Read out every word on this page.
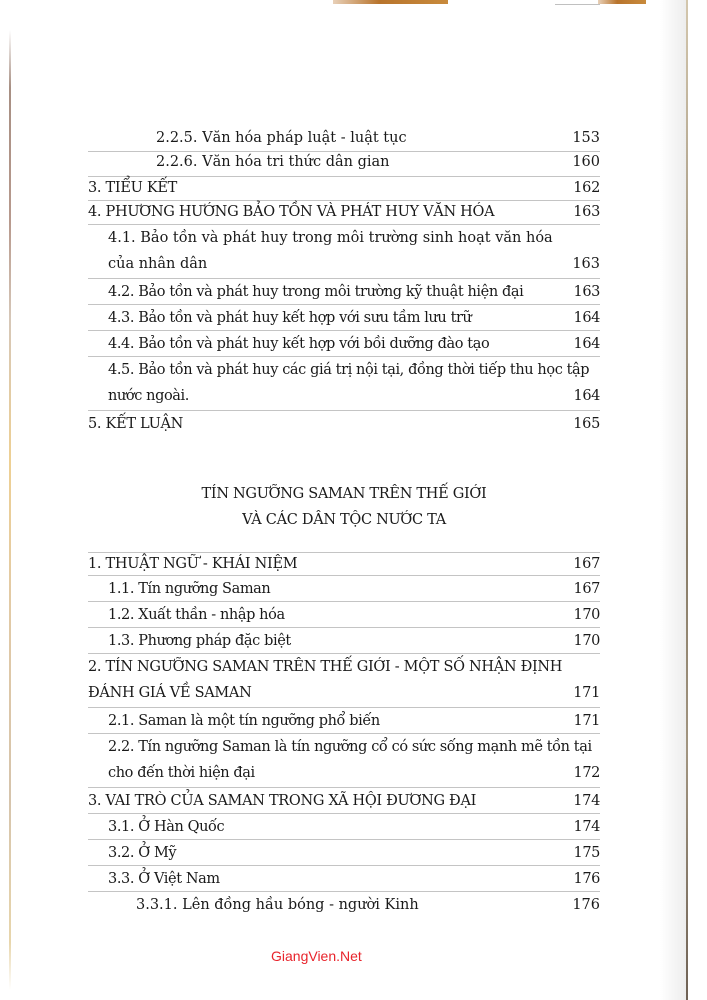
2.2.5. Văn hóa pháp luật - luật tục	153
2.2.6. Văn hóa tri thức dân gian	160
3. TIỂU KẾT	162
4. PHƯƠNG HƯỚNG BẢO TỒN VÀ PHÁT HUY VĂN HÓA	163
4.1. Bảo tồn và phát huy trong môi trường sinh hoạt văn hóa
của nhân dân	163
4.2. Bảo tồn và phát huy trong môi trường kỹ thuật hiện đại	163
4.3. Bảo tồn và phát huy kết hợp với sưu tầm lưu trữ	164
4.4. Bảo tồn và phát huy kết hợp với bồi dưỡng đào tạo	164
4.5. Bảo tồn và phát huy các giá trị nội tại, đồng thời tiếp thu học tập
nước ngoài.	164
5. KẾT LUẬN	165
TÍN NGƯỠNG SAMAN TRÊN THẾ GIỚI
VÀ CÁC DÂN TỘC NƯỚC TA
1. THUẬT NGỮ - KHÁI NIỆM	167
1.1. Tín ngưỡng Saman	167
1.2. Xuất thần - nhập hóa	170
1.3. Phương pháp đặc biệt	170
2. TÍN NGƯỠNG SAMAN TRÊN THẾ GIỚI - MỘT SỐ NHẬN ĐỊNH
ĐÁNH GIÁ VỀ SAMAN	171
2.1. Saman là một tín ngưỡng phổ biến	171
2.2. Tín ngưỡng Saman là tín ngưỡng cổ có sức sống mạnh mẽ tồn tại
cho đến thời hiện đại	172
3. VAI TRÒ CỦA SAMAN TRONG XÃ HỘI ĐƯƠNG ĐẠI	174
3.1. Ở Hàn Quốc	174
3.2. Ở Mỹ	175
3.3. Ở Việt Nam	176
3.3.1. Lên đồng hầu bóng - người Kinh	176
GiangVien.Net
